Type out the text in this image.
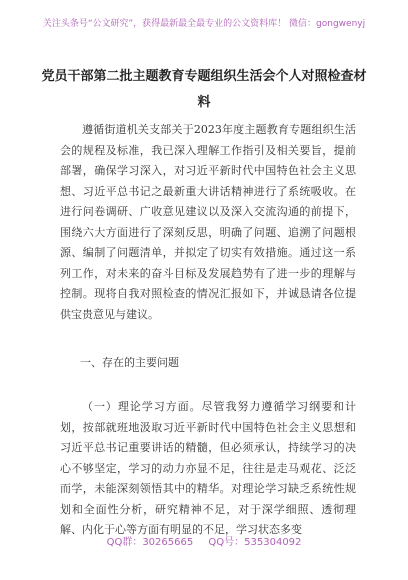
关注头条号“公文研究”，获得最新最全最专业的公文资料库！ 微信：gongwenyj
党员干部第二批主题教育专题组织生活会个人对照检查材料
遵循街道机关支部关于2023年度主题教育专题组织生活会的规程及标准，我已深入理解工作指引及相关要旨，提前部署，确保学习深入，对习近平新时代中国特色社会主义思想、习近平总书记之最新重大讲话精神进行了系统吸收。在进行问卷调研、广收意见建议以及深入交流沟通的前提下，围绕六大方面进行了深刻反思，明确了问题、追溯了问题根源、编制了问题清单，并拟定了切实有效措施。通过这一系列工作，对未来的奋斗目标及发展趋势有了进一步的理解与控制。现将自我对照检查的情况汇报如下，并诚恳请各位提供宝贵意见与建议。
一、存在的主要问题
（一）理论学习方面。尽管我努力遵循学习纲要和计划，按部就班地汲取习近平新时代中国特色社会主义思想和习近平总书记重要讲话的精髓，但必须承认，持续学习的决心不够坚定，学习的动力亦显不足，往往是走马观花、泛泛而学，未能深刻领悟其中的精华。对理论学习缺乏系统性规划和全面性分析，研究精神不足，对于深学细照、透彻理解、内化于心等方面有明显的不足，学习状态多变
QQ群：30265665 QQ号：535304092
